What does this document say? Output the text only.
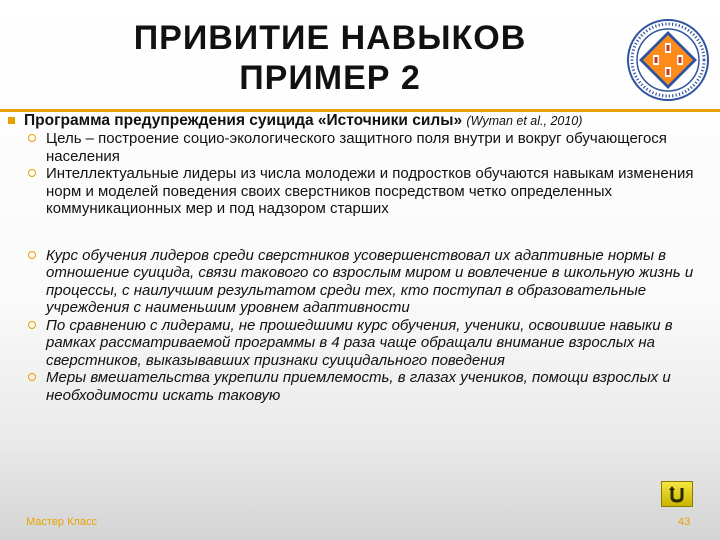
ПРИВИТИЕ НАВЫКОВ
ПРИМЕР 2
Программа предупреждения суицида «Источники силы» (Wyman et al., 2010)
Цель – построение социо-экологического защитного поля внутри и вокруг обучающегося населения
Интеллектуальные лидеры из числа молодежи и подростков обучаются навыкам изменения норм и моделей поведения своих сверстников посредством четко определенных коммуникационных мер и под надзором старших
Курс обучения лидеров среди сверстников усовершенствовал их адаптивные нормы в отношение суицида, связи такового со взрослым миром и вовлечение в школьную жизнь и процессы, с наилучшим результатом среди тех, кто поступал в образовательные учреждения с наименьшим уровнем адаптивности
По сравнению с лидерами, не прошедшими курс обучения, ученики, освоившие навыки в рамках рассматриваемой программы в 4 раза чаще обращали внимание взрослых на сверстников, выказывавших признаки суицидального поведения
Меры вмешательства укрепили приемлемость, в глазах учеников, помощи взрослых и необходимости искать таковую
Мастер Класс	43
